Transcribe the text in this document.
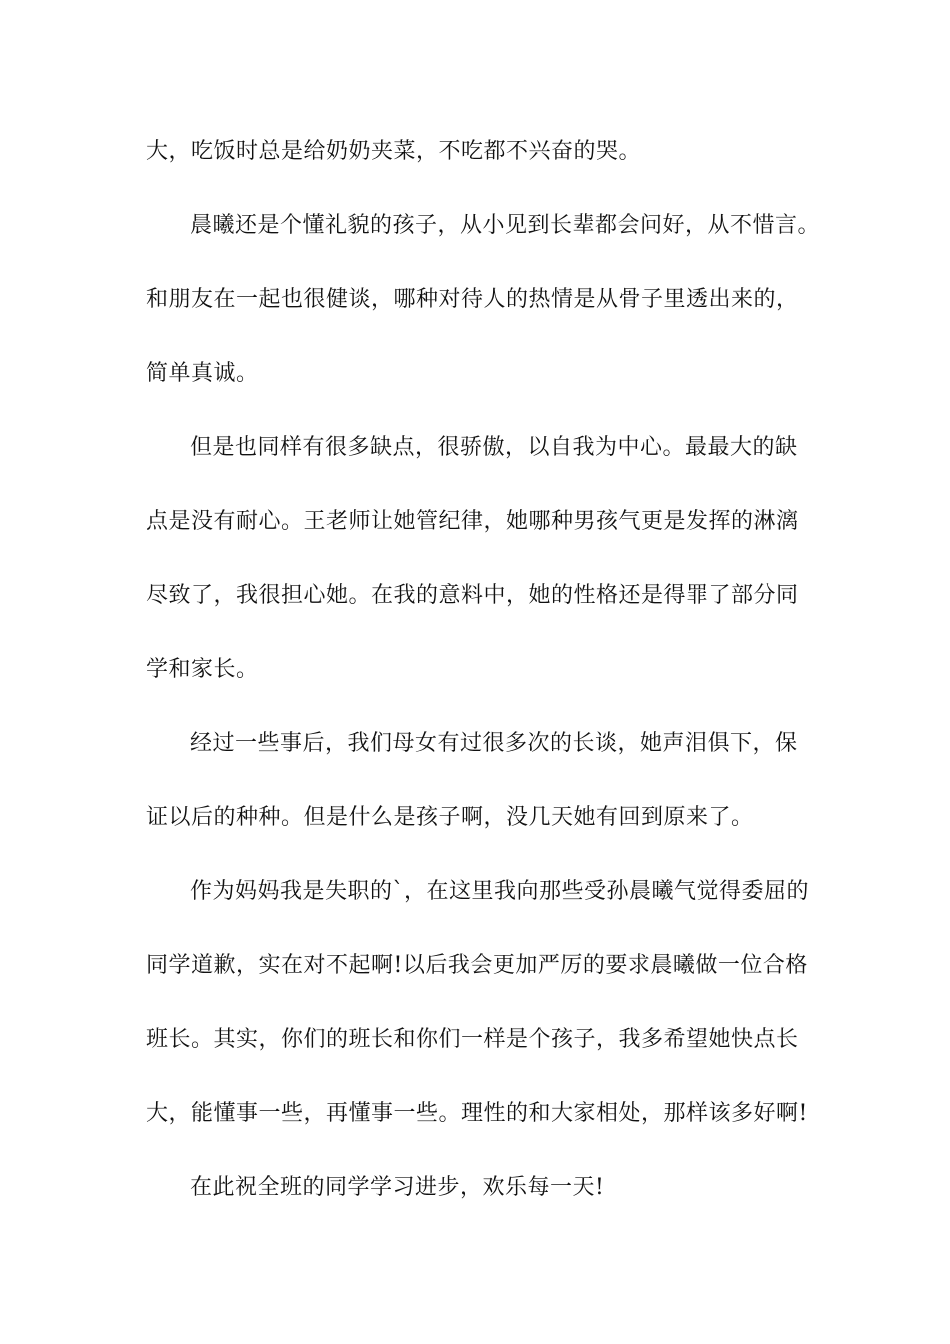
大，吃饭时总是给奶奶夹菜，不吃都不兴奋的哭。
晨曦还是个懂礼貌的孩子，从小见到长辈都会问好，从不惜言。
和朋友在一起也很健谈，哪种对待人的热情是从骨子里透出来的，
简单真诚。
但是也同样有很多缺点，很骄傲，以自我为中心。最最大的缺
点是没有耐心。王老师让她管纪律，她哪种男孩气更是发挥的淋漓
尽致了，我很担心她。在我的意料中，她的性格还是得罪了部分同
学和家长。
经过一些事后，我们母女有过很多次的长谈，她声泪俱下，保
证以后的种种。但是什么是孩子啊，没几天她有回到原来了。
作为妈妈我是失职的`，在这里我向那些受孙晨曦气觉得委屈的
同学道歉，实在对不起啊!以后我会更加严厉的要求晨曦做一位合格
班长。其实，你们的班长和你们一样是个孩子，我多希望她快点长
大，能懂事一些，再懂事一些。理性的和大家相处，那样该多好啊!
在此祝全班的同学学习进步，欢乐每一天!
